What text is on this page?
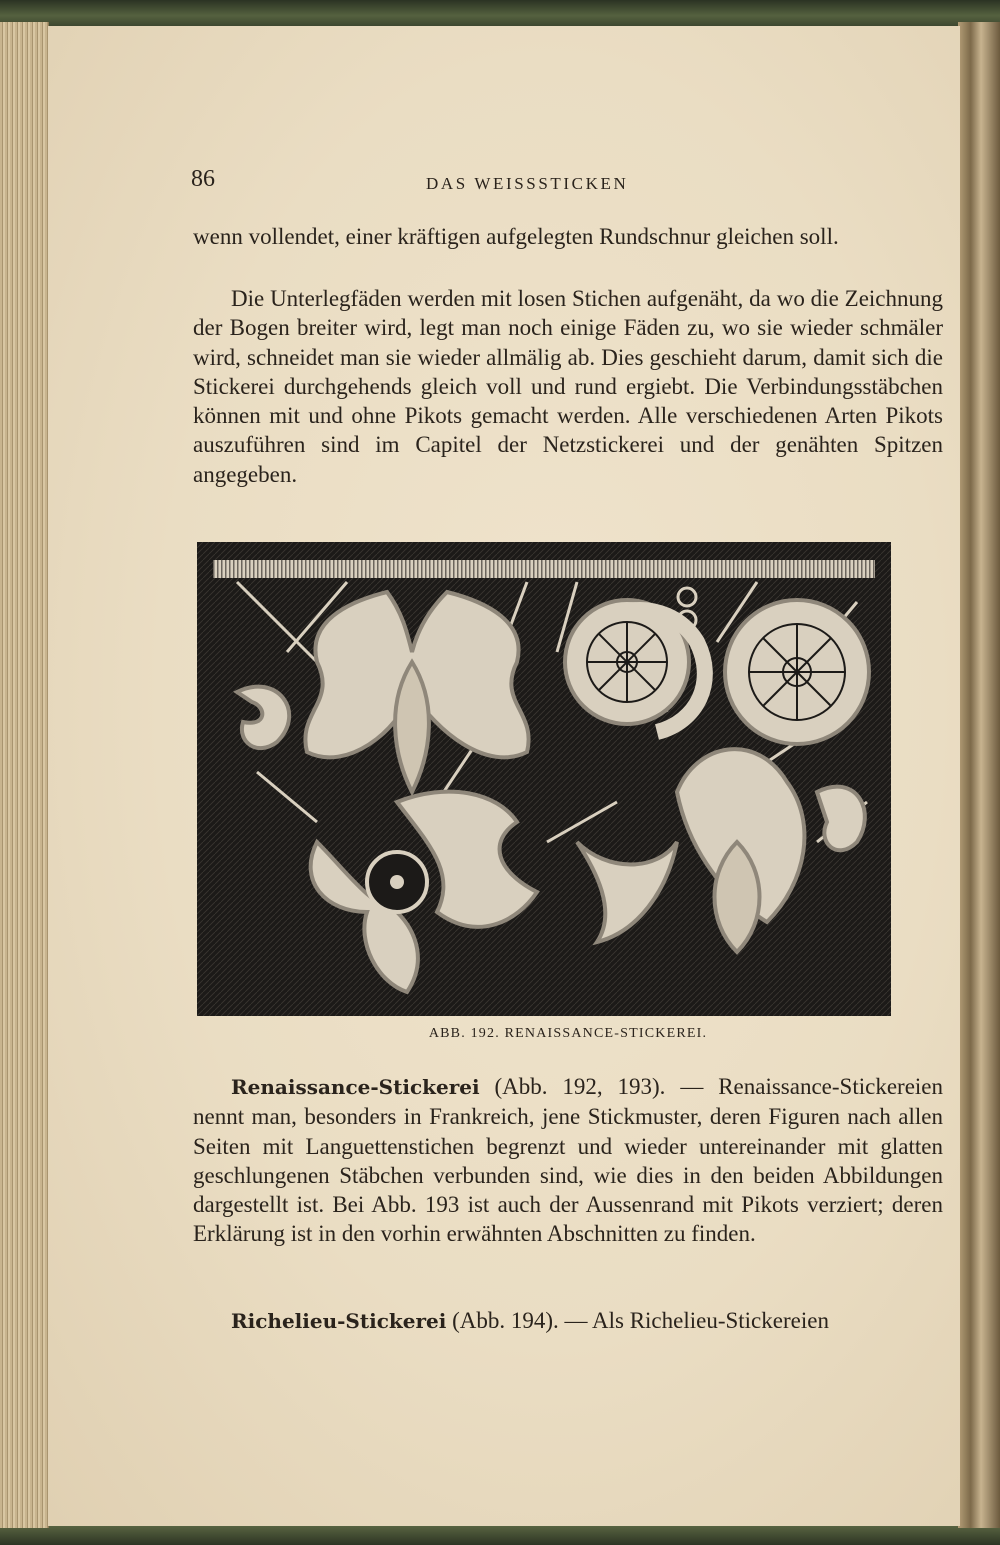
86	DAS WEISSSTICKEN

wenn vollendet, einer kräftigen aufgelegten Rundschnur gleichen soll.

Die Unterlegfäden werden mit losen Stichen aufgenäht, da wo die Zeichnung der Bogen breiter wird, legt man noch einige Fäden zu, wo sie wieder schmäler wird, schneidet man sie wieder allmälig ab. Dies geschieht darum, damit sich die Stickerei durchgehends gleich voll und rund ergiebt. Die Verbindungsstäbchen können mit und ohne Pikots gemacht werden. Alle verschiedenen Arten Pikots auszuführen sind im Capitel der Netzstickerei und der genähten Spitzen angegeben.

ABB. 192. RENAISSANCE-STICKEREI.

Renaissance-Stickerei (Abb. 192, 193). — Renaissance-Stickereien nennt man, besonders in Frankreich, jene Stickmuster, deren Figuren nach allen Seiten mit Languettenstichen begrenzt und wieder untereinander mit glatten geschlungenen Stäbchen verbunden sind, wie dies in den beiden Abbildungen dargestellt ist. Bei Abb. 193 ist auch der Aussenrand mit Pikots verziert; deren Erklärung ist in den vorhin erwähnten Abschnitten zu finden.

Richelieu-Stickerei (Abb. 194). — Als Richelieu-Stickereien
